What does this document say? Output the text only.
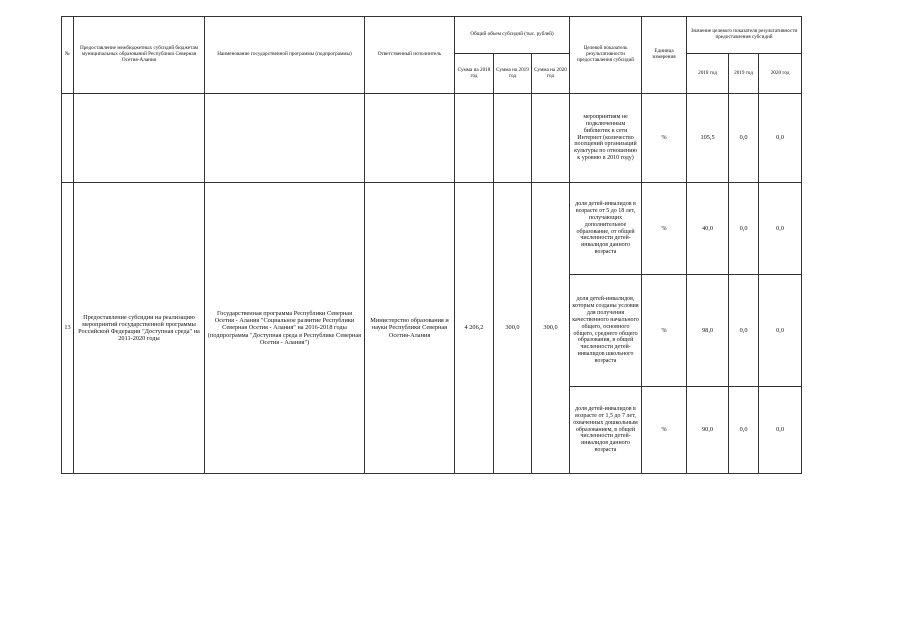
№	Предоставление межбюджетных субсидий бюджетам муниципальных образований Республики Северная Осетия-Алания	Наименование государственной программы (подпрограммы)	Ответственный исполнитель	Общий объем субсидий (тыс. рублей)			Целевой показатель результативности предоставления субсидий	Единица измерения	Значение целевого показателя результативности предоставления субсидий		
				Сумма на 2018 год	Сумма на 2019 год	Сумма на 2020 год			2018 год	2019 год	2020 год
							мероприятиям не подключенным библиотек к сети Интернет (количество посещений организаций культуры по отношению к уровню в 2010 году)	%	105,5	0,0	0,0
13	Предоставление субсидии на реализацию мероприятий государственной программы Российской Федерации "Доступная среда" на 2011-2020 годы	Государственная программа Республики Северная Осетия - Алания "Социальное развитие Республики Северная Осетия - Алания" на 2016-2018 годы (подпрограмма "Доступная среда в Республике Северная Осетия - Алания")	Министерство образования и науки Республики Северная Осетия-Алания	4 206,2	300,0	300,0	доля детей-инвалидов в возрасте от 5 до 18 лет, получающих дополнительное образование, от общей численности детей-инвалидов данного возраста	%	40,0	0,0	0,0
							доля детей-инвалидов, которым созданы условия для получения качественного начального общего, основного общего, среднего общего образования, в общей численности детей-инвалидов школьного возраста	%	98,0	0,0	0,0
							доля детей-инвалидов в возрасте от 1,5 до 7 лет, охваченных дошкольным образованием, в общей численности детей-инвалидов данного возраста	%	90,0	0,0	0,0
